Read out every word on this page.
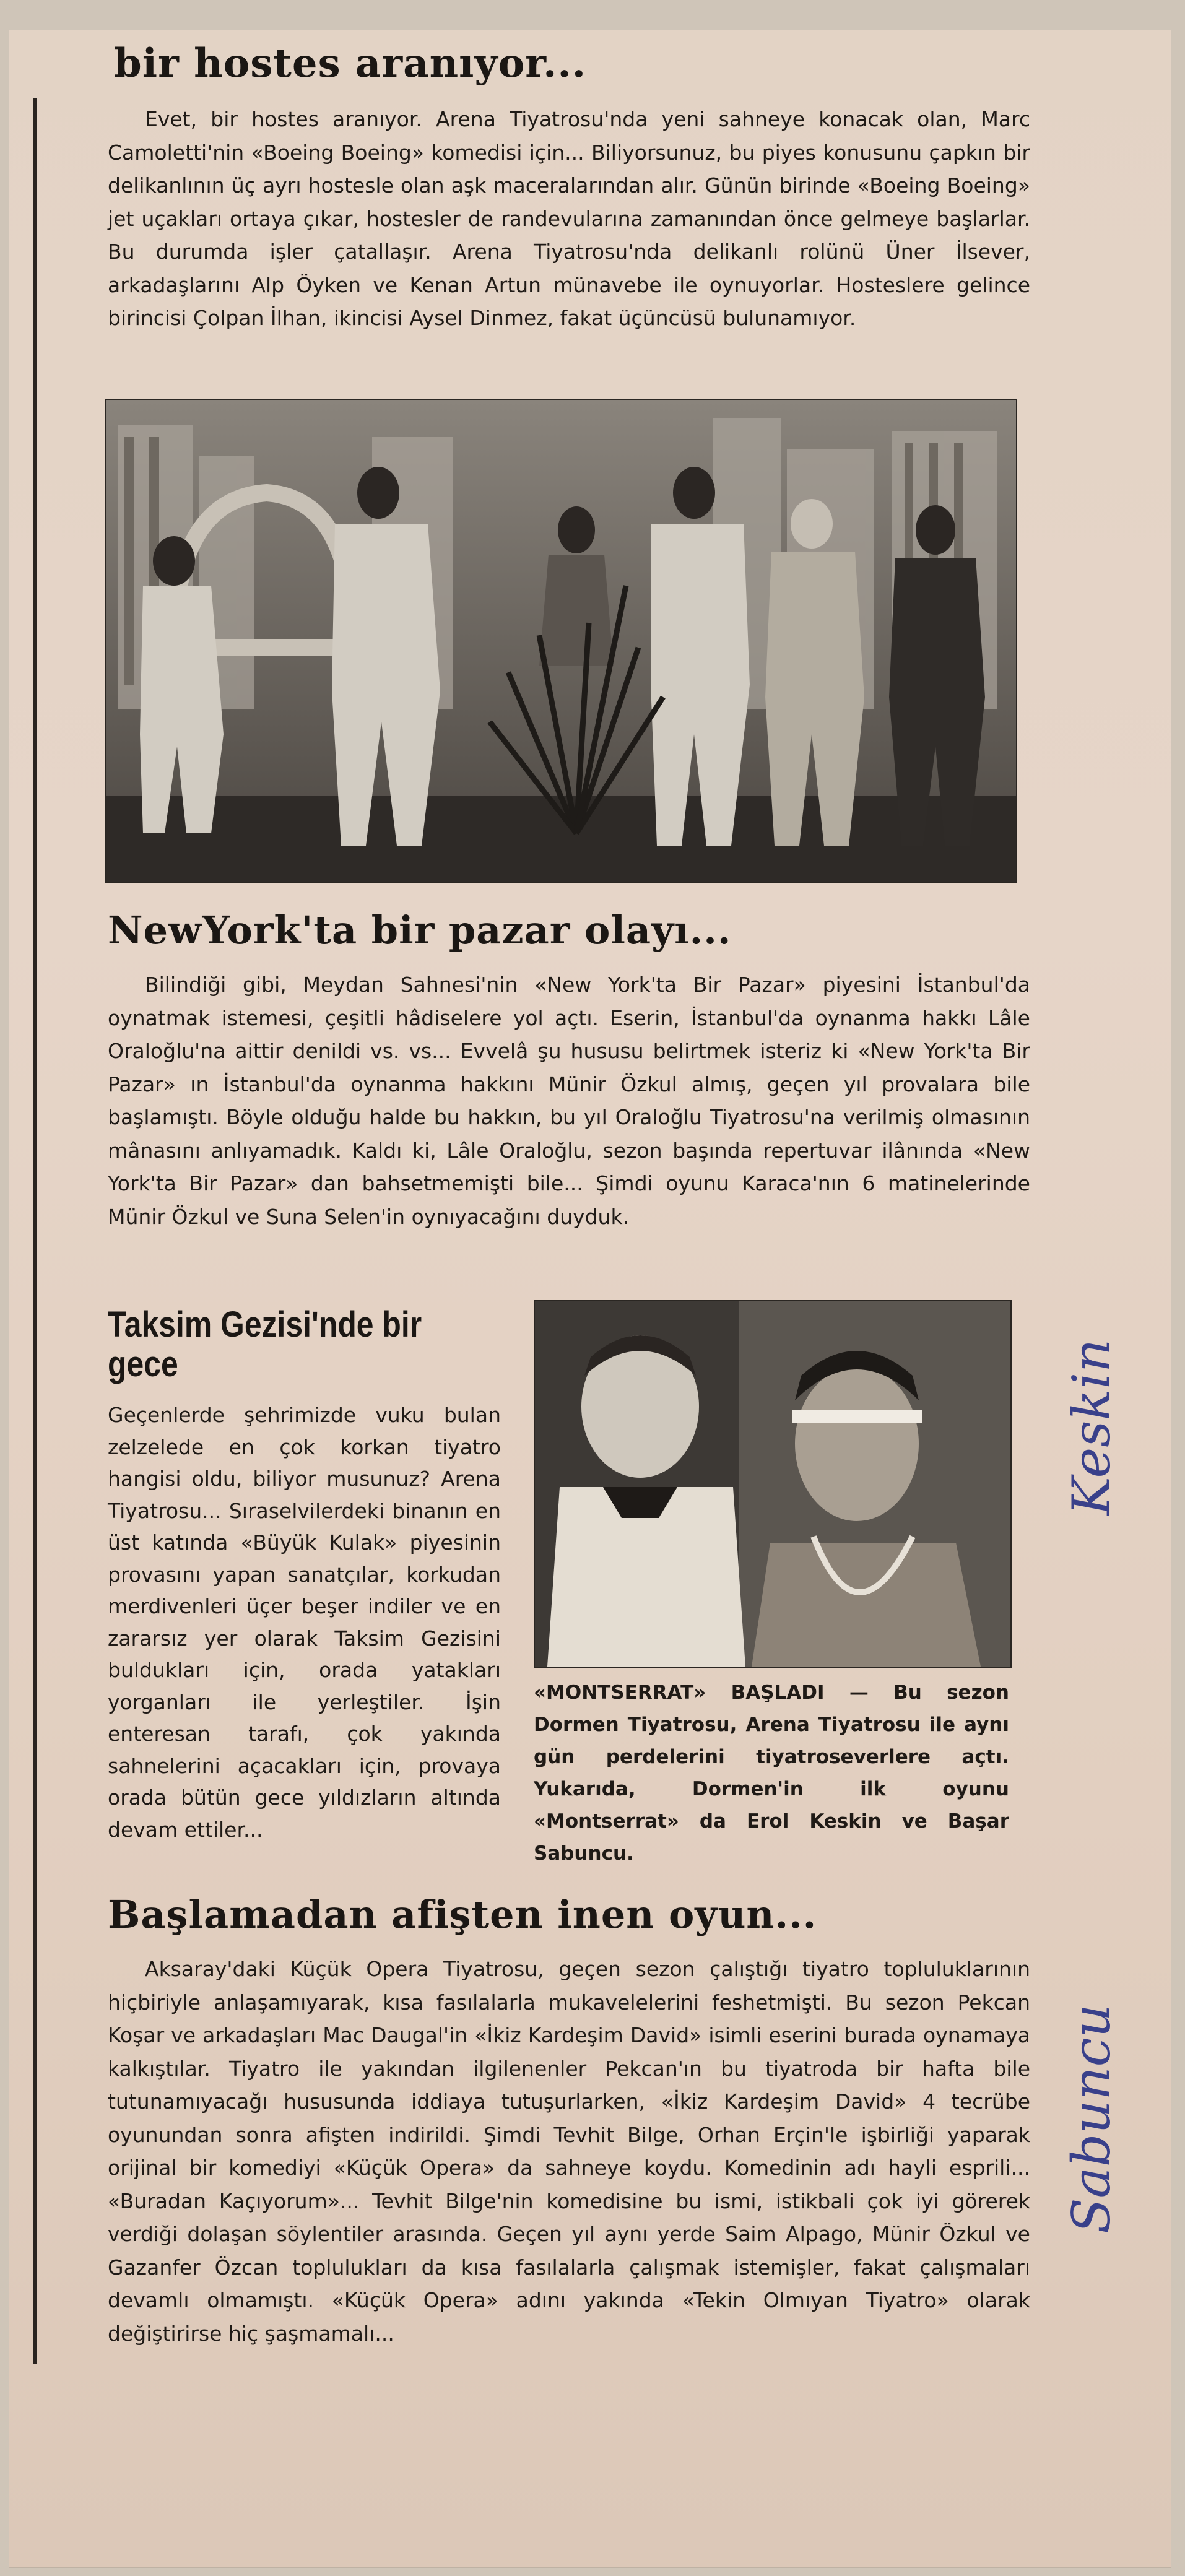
bir hostes aranıyor...
Evet, bir hostes aranıyor. Arena Tiyatrosu'nda yeni sahneye konacak olan, Marc Camoletti'nin «Boeing Boeing» komedisi için... Biliyorsunuz, bu piyes konusunu çapkın bir delikanlının üç ayrı hostesle olan aşk maceralarından alır. Günün birinde «Boeing Boeing» jet uçakları ortaya çıkar, hostesler de randevularına zamanından önce gelmeye başlarlar. Bu durumda işler çatallaşır. Arena Tiyatrosu'nda delikanlı rolünü Üner İlsever, arkadaşlarını Alp Öyken ve Kenan Artun münavebe ile oynuyorlar. Hosteslere gelince birincisi Çolpan İlhan, ikincisi Aysel Dinmez, fakat üçüncüsü bulunamıyor.
NewYork'ta bir pazar olayı...
Bilindiği gibi, Meydan Sahnesi'nin «New York'ta Bir Pazar» piyesini İstanbul'da oynatmak istemesi, çeşitli hâdiselere yol açtı. Eserin, İstanbul'da oynanma hakkı Lâle Oraloğlu'na aittir denildi vs. vs... Evvelâ şu hususu belirtmek isteriz ki «New York'ta Bir Pazar» ın İstanbul'da oynanma hakkını Münir Özkul almış, geçen yıl provalara bile başlamıştı. Böyle olduğu halde bu hakkın, bu yıl Oraloğlu Tiyatrosu'na verilmiş olmasının mânasını anlıyamadık. Kaldı ki, Lâle Oraloğlu, sezon başında repertuvar ilânında «New York'ta Bir Pazar» dan bahsetmemişti bile... Şimdi oyunu Karaca'nın 6 matinelerinde Münir Özkul ve Suna Selen'in oynıyacağını duyduk.
Taksim Gezisi'nde bir gece
Geçenlerde şehrimizde vuku bulan zelzelede en çok korkan tiyatro hangisi oldu, biliyor musunuz? Arena Tiyatrosu... Sıraselvilerdeki binanın en üst katında «Büyük Kulak» piyesinin provasını yapan sanatçılar, korkudan merdivenleri üçer beşer indiler ve en zararsız yer olarak Taksim Gezisini buldukları için, orada yatakları yorganları ile yerleştiler. İşin enteresan tarafı, çok yakında sahnelerini açacakları için, provaya orada bütün gece yıldızların altında devam ettiler...
«MONTSERRAT» BAŞLADI — Bu sezon Dormen Tiyatrosu, Arena Tiyatrosu ile aynı gün perdelerini tiyatroseverlere açtı. Yukarıda, Dormen'in ilk oyunu «Montserrat» da Erol Keskin ve Başar Sabuncu.
Başlamadan afişten inen oyun...
Aksaray'daki Küçük Opera Tiyatrosu, geçen sezon çalıştığı tiyatro topluluklarının hiçbiriyle anlaşamıyarak, kısa fasılalarla mukavelelerini feshetmişti. Bu sezon Pekcan Koşar ve arkadaşları Mac Daugal'in «İkiz Kardeşim David» isimli eserini burada oynamaya kalkıştılar. Tiyatro ile yakından ilgilenenler Pekcan'ın bu tiyatroda bir hafta bile tutunamıyacağı hususunda iddiaya tutuşurlarken, «İkiz Kardeşim David» 4 tecrübe oyunundan sonra afişten indirildi. Şimdi Tevhit Bilge, Orhan Erçin'le işbirliği yaparak orijinal bir komediyi «Küçük Opera» da sahneye koydu. Komedinin adı hayli esprili... «Buradan Kaçıyorum»... Tevhit Bilge'nin komedisine bu ismi, istikbali çok iyi görerek verdiği dolaşan söylentiler arasında. Geçen yıl aynı yerde Saim Alpago, Münir Özkul ve Gazanfer Özcan toplulukları da kısa fasılalarla çalışmak istemişler, fakat çalışmaları devamlı olmamıştı. «Küçük Opera» adını yakında «Tekin Olmıyan Tiyatro» olarak değiştirirse hiç şaşmamalı...
Keskin
Sabuncu
